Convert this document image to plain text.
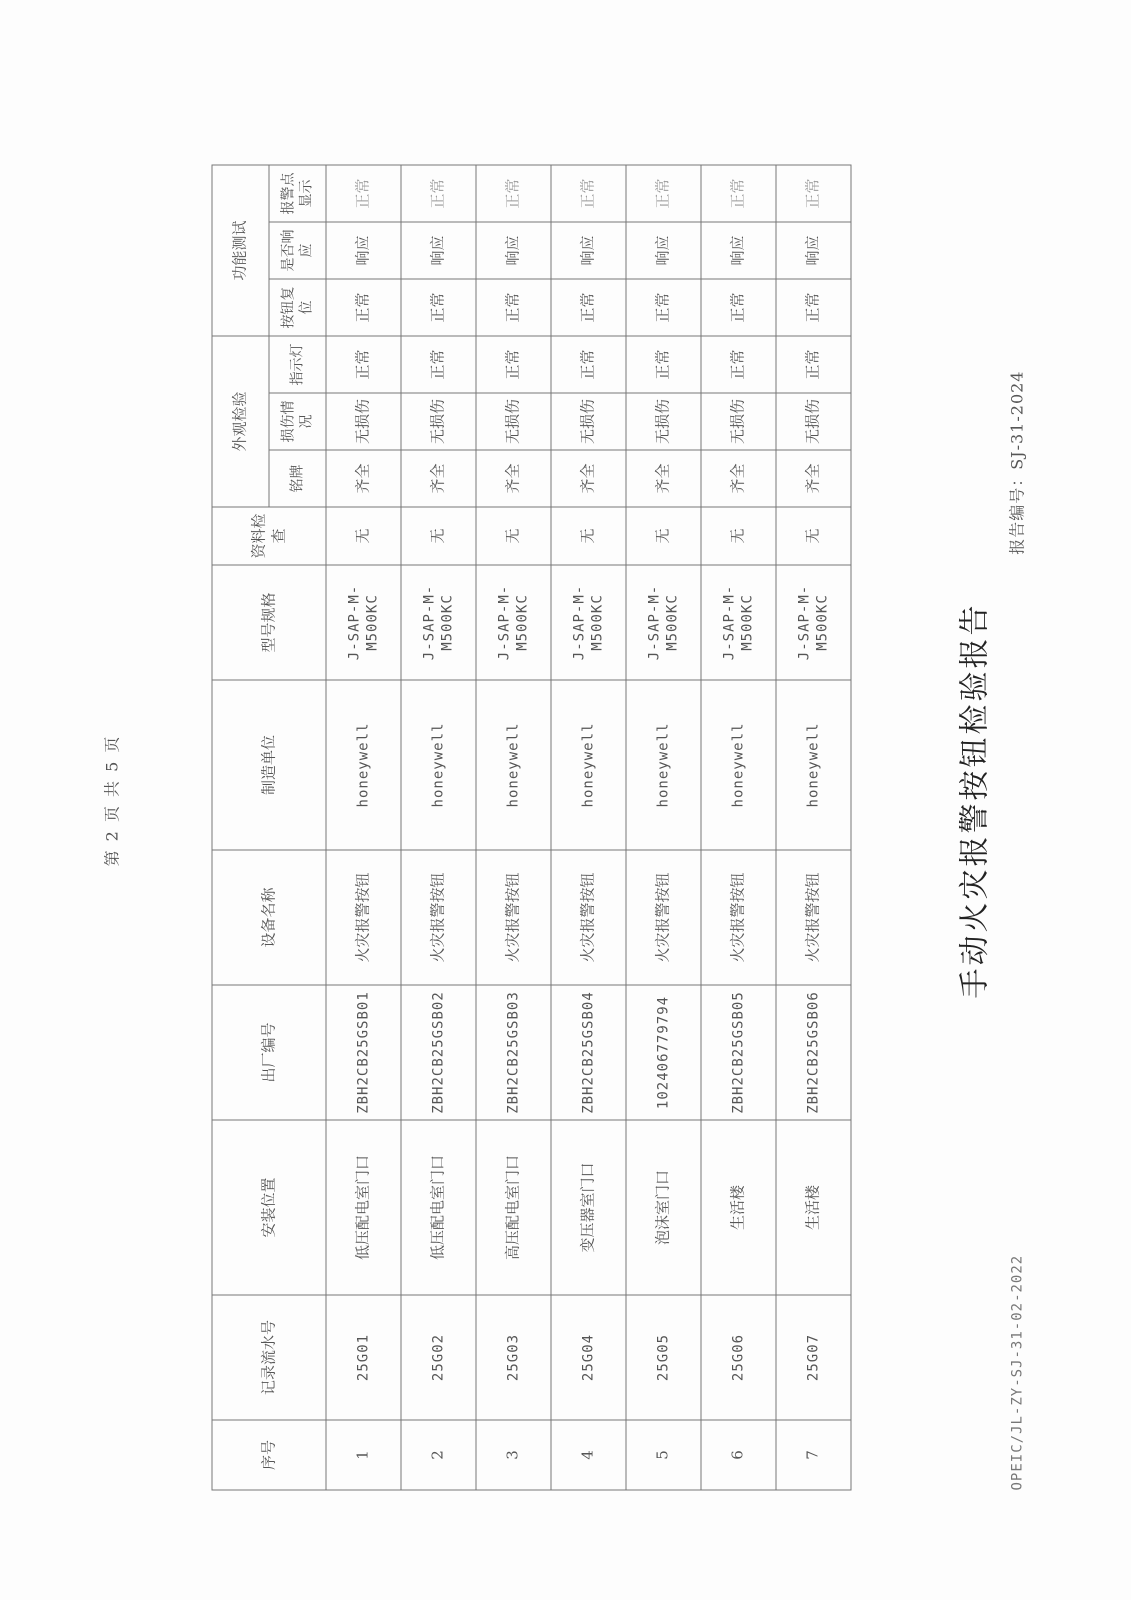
手动火灾报警按钮检验报告
报告编号：SJ-31-2024
OPEIC/JL-ZY-SJ-31-02-2022
序号	记录流水号	安装位置	出厂编号	设备名称	制造单位	型号规格	资料检查	外观检验			功能测试		
								铭牌	损伤情况	指示灯	按钮复位	是否响应	报警点显示
1	25G01	低压配电室门口	ZBH2CB25GSB01	火灾报警按钮	honeywell	J-SAP-M-M500KC	无	齐全	无损伤	正常	正常	响应	正常
2	25G02	低压配电室门口	ZBH2CB25GSB02	火灾报警按钮	honeywell	J-SAP-M-M500KC	无	齐全	无损伤	正常	正常	响应	正常
3	25G03	高压配电室门口	ZBH2CB25GSB03	火灾报警按钮	honeywell	J-SAP-M-M500KC	无	齐全	无损伤	正常	正常	响应	正常
4	25G04	变压器室门口	ZBH2CB25GSB04	火灾报警按钮	honeywell	J-SAP-M-M500KC	无	齐全	无损伤	正常	正常	响应	正常
5	25G05	泡沫室门口	102406779794	火灾报警按钮	honeywell	J-SAP-M-M500KC	无	齐全	无损伤	正常	正常	响应	正常
6	25G06	生活楼	ZBH2CB25GSB05	火灾报警按钮	honeywell	J-SAP-M-M500KC	无	齐全	无损伤	正常	正常	响应	正常
7	25G07	生活楼	ZBH2CB25GSB06	火灾报警按钮	honeywell	J-SAP-M-M500KC	无	齐全	无损伤	正常	正常	响应	正常
第 2 页 共 5 页
